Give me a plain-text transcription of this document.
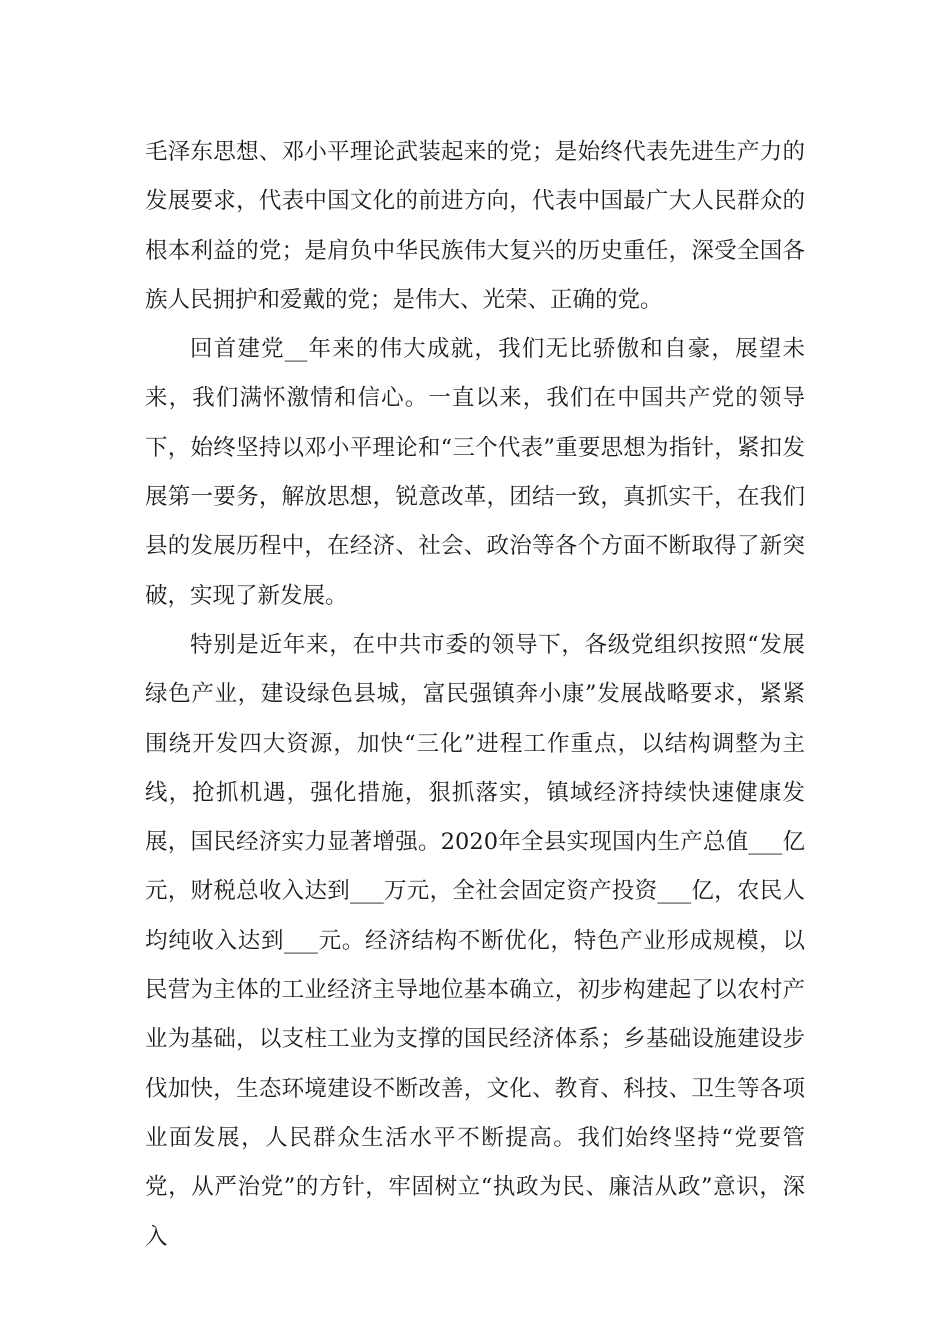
毛泽东思想、邓小平理论武装起来的党；是始终代表先进生产力的发展要求，代表中国文化的前进方向，代表中国最广大人民群众的根本利益的党；是肩负中华民族伟大复兴的历史重任，深受全国各族人民拥护和爱戴的党；是伟大、光荣、正确的党。

回首建党__年来的伟大成就，我们无比骄傲和自豪，展望未来，我们满怀激情和信心。一直以来，我们在中国共产党的领导下，始终坚持以邓小平理论和“三个代表”重要思想为指针，紧扣发展第一要务，解放思想，锐意改革，团结一致，真抓实干，在我们县的发展历程中，在经济、社会、政治等各个方面不断取得了新突破，实现了新发展。

特别是近年来，在中共市委的领导下，各级党组织按照“发展绿色产业，建设绿色县城，富民强镇奔小康”发展战略要求，紧紧围绕开发四大资源，加快“三化”进程工作重点，以结构调整为主线，抢抓机遇，强化措施，狠抓落实，镇域经济持续快速健康发展，国民经济实力显著增强。2020年全县实现国内生产总值___亿元，财税总收入达到___万元，全社会固定资产投资___亿，农民人均纯收入达到___元。经济结构不断优化，特色产业形成规模，以民营为主体的工业经济主导地位基本确立，初步构建起了以农村产业为基础，以支柱工业为支撑的国民经济体系；乡基础设施建设步伐加快，生态环境建设不断改善，文化、教育、科技、卫生等各项业面发展，人民群众生活水平不断提高。我们始终坚持“党要管党，从严治党”的方针，牢固树立“执政为民、廉洁从政”意识，深入
